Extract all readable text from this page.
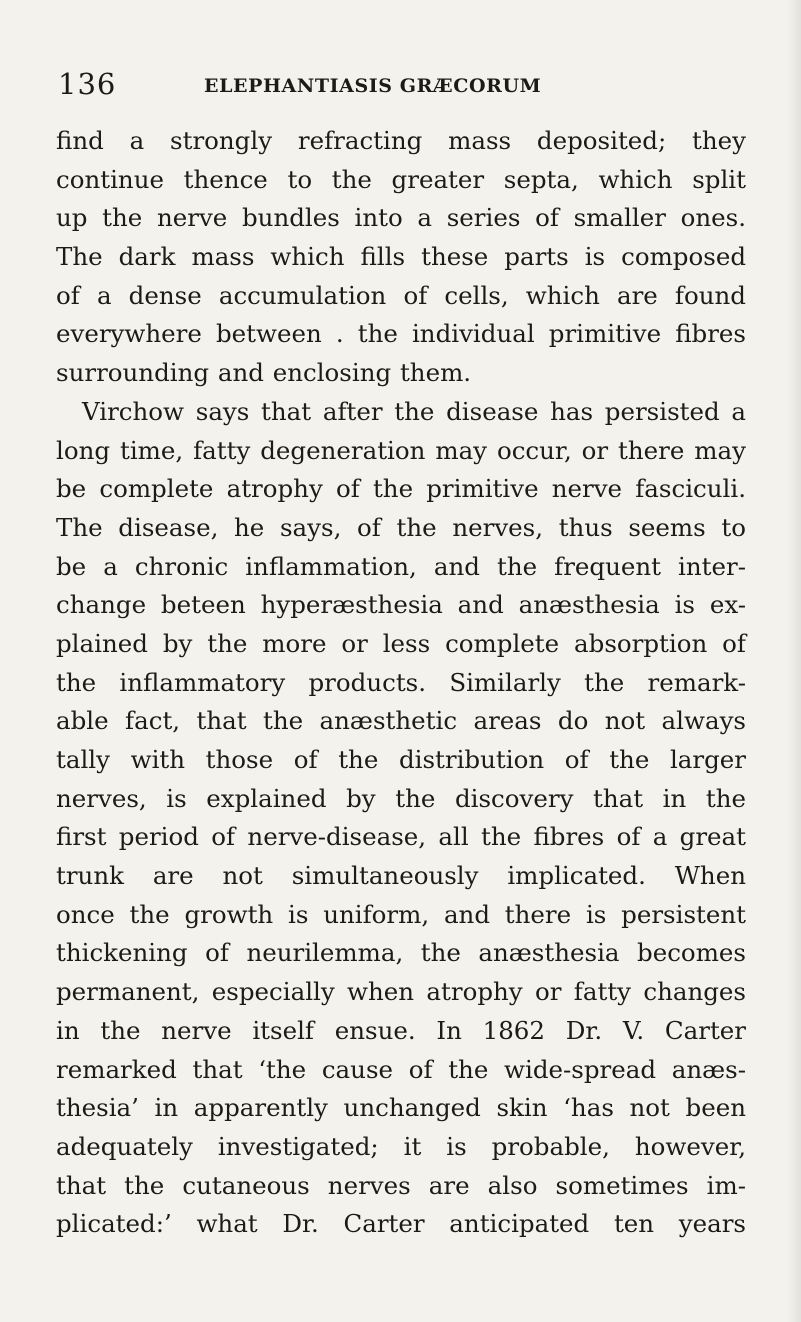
136	ELEPHANTIASIS GRÆCORUM
find a strongly refracting mass deposited; they
continue thence to the greater septa, which split
up the nerve bundles into a series of smaller ones.
The dark mass which fills these parts is composed
of a dense accumulation of cells, which are found
everywhere between . the individual primitive fibres
surrounding and enclosing them.
Virchow says that after the disease has persisted a
long time, fatty degeneration may occur, or there may
be complete atrophy of the primitive nerve fasciculi.
The disease, he says, of the nerves, thus seems to
be a chronic inflammation, and the frequent inter-
change beteen hyperæsthesia and anæsthesia is ex-
plained by the more or less complete absorption of
the inflammatory products. Similarly the remark-
able fact, that the anæsthetic areas do not always
tally with those of the distribution of the larger
nerves, is explained by the discovery that in the
first period of nerve-disease, all the fibres of a great
trunk are not simultaneously implicated. When
once the growth is uniform, and there is persistent
thickening of neurilemma, the anæsthesia becomes
permanent, especially when atrophy or fatty changes
in the nerve itself ensue. In 1862 Dr. V. Carter
remarked that ‘the cause of the wide-spread anæs-
thesia’ in apparently unchanged skin ‘has not been
adequately investigated; it is probable, however,
that the cutaneous nerves are also sometimes im-
plicated:’ what Dr. Carter anticipated ten years
